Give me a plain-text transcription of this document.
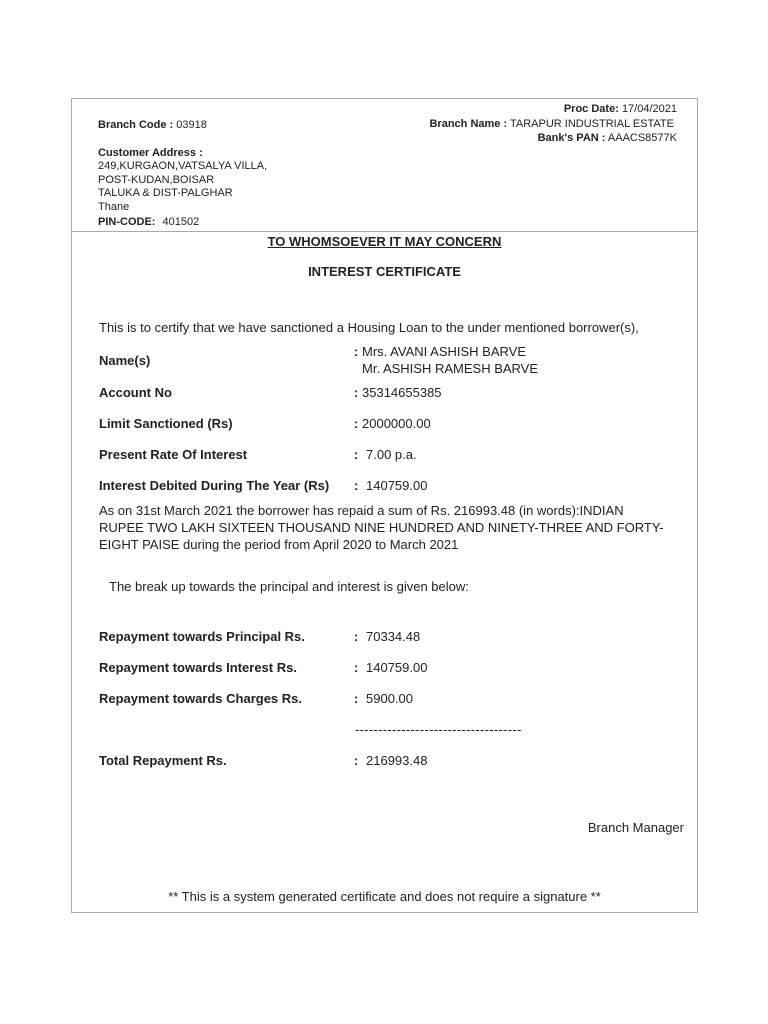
Proc Date: 17/04/2021
Branch Code : 03918	Branch Name : TARAPUR INDUSTRIAL ESTATE
Bank's PAN : AAACS8577K
Customer Address :
249,KURGAON,VATSALYA VILLA,
POST-KUDAN,BOISAR
TALUKA & DIST-PALGHAR
Thane
PIN-CODE: 401502
TO WHOMSOEVER IT MAY CONCERN
INTEREST CERTIFICATE
This is to certify that we have sanctioned a Housing Loan to the under mentioned borrower(s),
Name(s)
: Mrs. AVANI ASHISH BARVE
Mr. ASHISH RAMESH BARVE
Account No	: 35314655385
Limit Sanctioned (Rs)	: 2000000.00
Present Rate Of Interest	: 7.00 p.a.
Interest Debited During The Year (Rs) : 140759.00
As on 31st March 2021 the borrower has repaid a sum of Rs. 216993.48 (in words):INDIAN
RUPEE TWO LAKH SIXTEEN THOUSAND NINE HUNDRED AND NINETY-THREE AND FORTY-
EIGHT PAISE during the period from April 2020 to March 2021
The break up towards the principal and interest is given below:
Repayment towards Principal Rs.	: 70334.48
Repayment towards Interest Rs.	: 140759.00
Repayment towards Charges Rs.	: 5900.00
------------------------------------
Total Repayment Rs.	: 216993.48
Branch Manager
** This is a system generated certificate and does not require a signature **
